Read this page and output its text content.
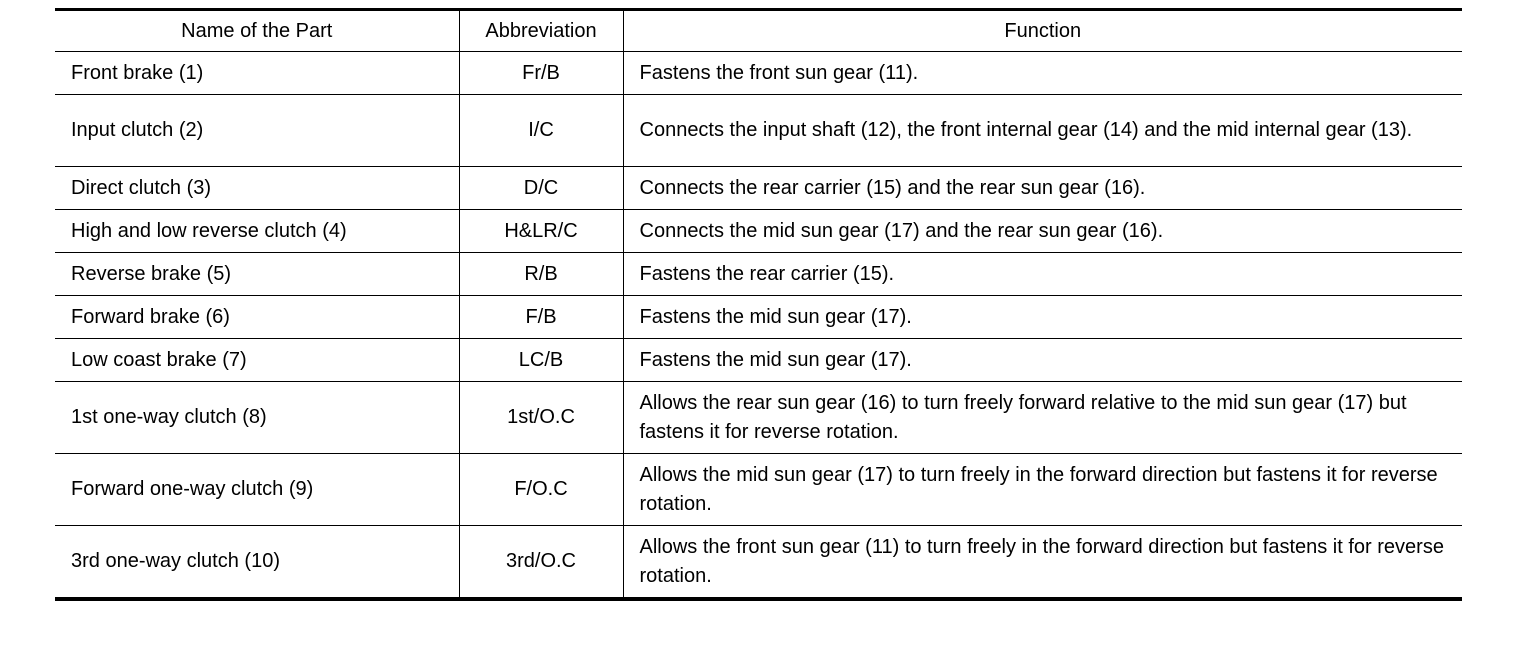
Name of the Part	Abbreviation	Function
Front brake (1)	Fr/B	Fastens the front sun gear (11).
Input clutch (2)	I/C	Connects the input shaft (12), the front internal gear (14) and the mid internal gear (13).
Direct clutch (3)	D/C	Connects the rear carrier (15) and the rear sun gear (16).
High and low reverse clutch (4)	H&LR/C	Connects the mid sun gear (17) and the rear sun gear (16).
Reverse brake (5)	R/B	Fastens the rear carrier (15).
Forward brake (6)	F/B	Fastens the mid sun gear (17).
Low coast brake (7)	LC/B	Fastens the mid sun gear (17).
1st one-way clutch (8)	1st/O.C	Allows the rear sun gear (16) to turn freely forward relative to the mid sun gear (17) but fastens it for reverse rotation.
Forward one-way clutch (9)	F/O.C	Allows the mid sun gear (17) to turn freely in the forward direction but fastens it for reverse rotation.
3rd one-way clutch (10)	3rd/O.C	Allows the front sun gear (11) to turn freely in the forward direction but fastens it for reverse rotation.
